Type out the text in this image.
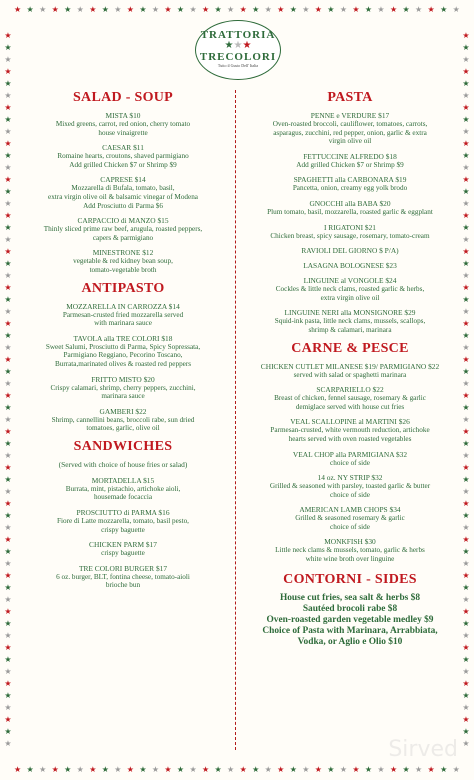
★ ★ ★ ★ ★ ★ ★ ★ ★ ★ ★ ★ ★ ★ ★ ★ ★ ★ ★ ★ ★ ★ ★ ★ ★ ★ ★ ★ ★ ★ ★ ★ ★ ★ ★ ★
★ ★ ★ ★ ★ ★ ★ ★ ★ ★ ★ ★ ★ ★ ★ ★ ★ ★ ★ ★ ★ ★ ★ ★ ★ ★ ★ ★ ★ ★ ★ ★ ★ ★ ★ ★
★
★
★
★
★
★
★
★
★
★
★
★
★
★
★
★
★
★
★
★
★
★
★
★
★
★
★
★
★
★
★
★
★
★
★
★
★
★
★
★
★
★
★
★
★
★
★
★
★
★
★
★
★
★
★
★
★
★
★
★
★
★
★
★
★
★
★
★
★
★
★
★
★
★
★
★
★
★
★
★
★
★
★
★
★
★
★
★
★
★
★
★
★
★
★
★
★
★
★
★
★
★
★
★
★
★
★
★
★
★
★
★
★
★
★
★
★
★
★
★
TRATTORIA
★★★
TRECOLORI
Tutto il Gusto Dell' Italia
SALAD - SOUP
MISTA $10
Mixed greens, carrot, red onion, cherry tomato
house vinaigrette
CAESAR $11
Romaine hearts, croutons, shaved parmigiano
Add grilled Chicken $7 or Shrimp $9
CAPRESE $14
Mozzarella di Bufala, tomato, basil,
extra virgin olive oil & balsamic vinegar of Modena
Add Prosciutto di Parma $6
CARPACCIO di MANZO $15
Thinly sliced prime raw beef, arugula, roasted peppers,
capers & parmigiano
MINESTRONE $12
vegetable & red kidney bean soup,
tomato-vegetable broth
ANTIPASTO
MOZZARELLA IN CARROZZA $14
Parmesan-crusted fried mozzarella served
with marinara sauce
TAVOLA alla TRE COLORI $18
Sweet Salumi, Prosciutto di Parma, Spicy Sopressata,
Parmigiano Reggiano, Pecorino Toscano,
Burrata,marinated olives & roasted red peppers
FRITTO MISTO $20
Crispy calamari, shrimp, cherry peppers, zucchini,
marinara sauce
GAMBERI $22
Shrimp, cannellini beans, broccoli rabe, sun dried
tomatoes, garlic, olive oil
SANDWICHES
(Served with choice of house fries or salad)
MORTADELLA $15
Burrata, mint, pistachio, artichoke aioli,
housemade focaccia
PROSCIUTTO di PARMA $16
Fiore di Latte mozzarella, tomato, basil pesto,
crispy baguette
CHICKEN PARM $17
crispy baguette
TRE COLORI BURGER $17
6 oz. burger, BLT, fontina cheese, tomato-aioli
brioche bun
PASTA
PENNE e VERDURE $17
Oven-roasted broccoli, cauliflower, tomatoes, carrots,
asparagus, zucchini, red pepper, onion, garlic & extra
virgin olive oil
FETTUCCINE ALFREDO $18
Add grilled Chicken $7 or Shrimp $9
SPAGHETTI alla CARBONARA $19
Pancetta, onion, creamy egg yolk brodo
GNOCCHI alla BABA $20
Plum tomato, basil, mozzarella, roasted garlic & eggplant
I RIGATONI $21
Chicken breast, spicy sausage, rosemary, tomato-cream
RAVIOLI DEL GIORNO $ P/A)
LASAGNA BOLOGNESE $23
LINGUINE al VONGOLE $24
Cockles & little neck clams, roasted garlic & herbs,
extra virgin olive oil
LINGUINE NERI alla MONSIGNORE $29
Squid-ink pasta, little neck clams, mussels, scallops,
shrimp & calamari, marinara
CARNE & PESCE
CHICKEN CUTLET MILANESE $19/ PARMIGIANO $22
served with salad or spaghetti marinara
SCARPARIELLO $22
Breast of chicken, fennel sausage, rosemary & garlic
demiglace served with house cut fries
VEAL SCALLOPINE al MARTINI $26
Parmesan-crusted, white vermouth reduction, artichoke
hearts served with oven roasted vegetables
VEAL CHOP alla PARMIGIANA $32
choice of side
14 oz. NY STRIP $32
Grilled & seasoned with parsley, toasted garlic & butter
choice of side
AMERICAN LAMB CHOPS $34
Grilled & seasoned rosemary & garlic
choice of side
MONKFISH $30
Little neck clams & mussels, tomato, garlic & herbs
white wine broth over linguine
CONTORNI - SIDES
House cut fries, sea salt & herbs $8
Sautéed brocoli rabe $8
Oven-roasted garden vegetable medley $9
Choice of Pasta with Marinara, Arrabbiata,
Vodka, or Aglio e Olio $10
Sirved
